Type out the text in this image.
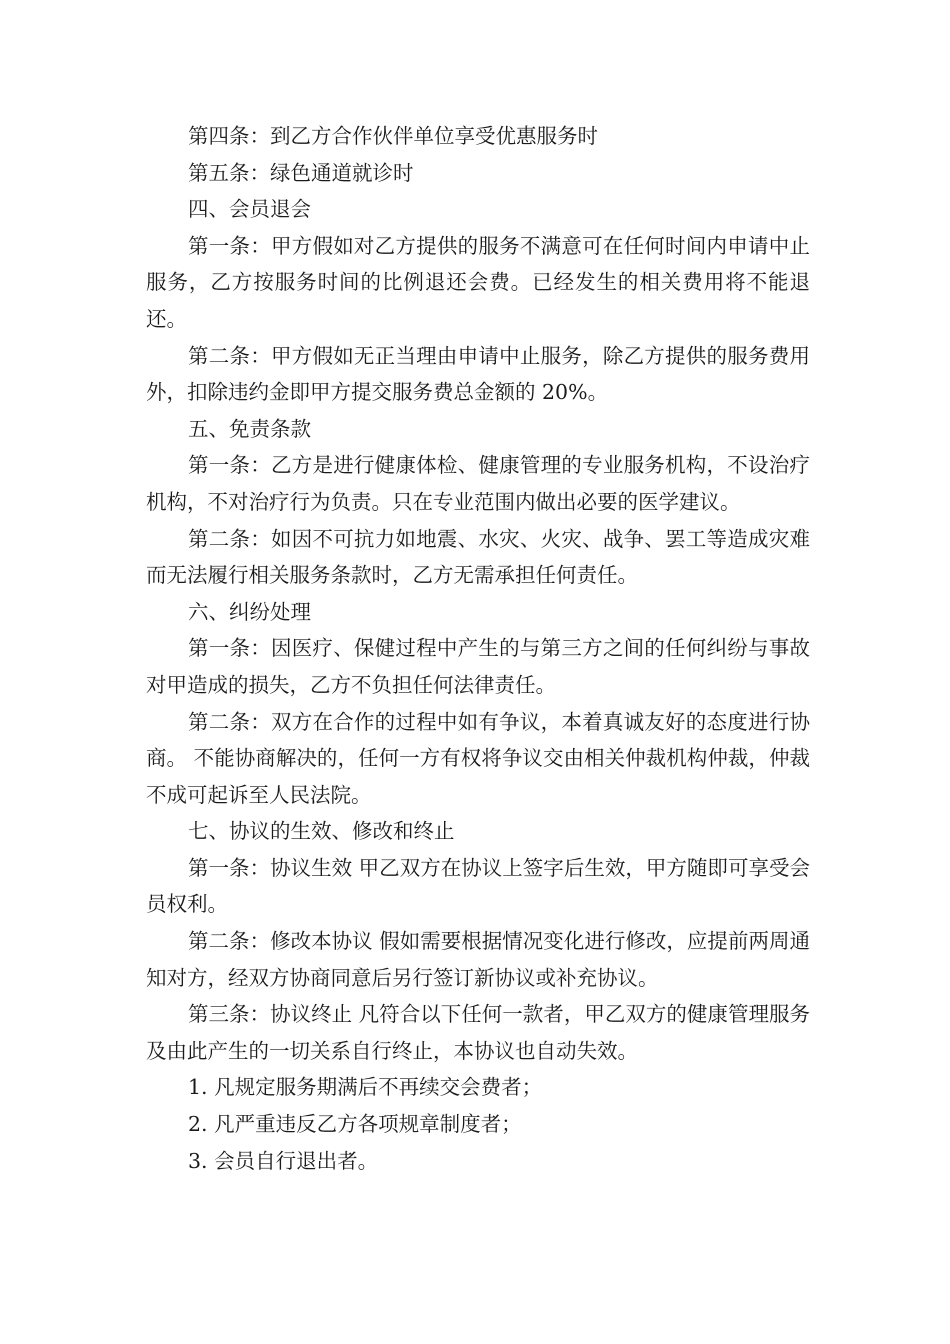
第四条：到乙方合作伙伴单位享受优惠服务时

第五条：绿色通道就诊时

四、会员退会

第一条：甲方假如对乙方提供的服务不满意可在任何时间内申请中止服务，乙方按服务时间的比例退还会费。已经发生的相关费用将不能退还。

第二条：甲方假如无正当理由申请中止服务，除乙方提供的服务费用外，扣除违约金即甲方提交服务费总金额的 20%。

五、免责条款

第一条：乙方是进行健康体检、健康管理的专业服务机构，不设治疗机构，不对治疗行为负责。只在专业范围内做出必要的医学建议。

第二条：如因不可抗力如地震、水灾、火灾、战争、罢工等造成灾难而无法履行相关服务条款时，乙方无需承担任何责任。

六、纠纷处理

第一条：因医疗、保健过程中产生的与第三方之间的任何纠纷与事故对甲造成的损失，乙方不负担任何法律责任。

第二条：双方在合作的过程中如有争议，本着真诚友好的态度进行协商。 不能协商解决的，任何一方有权将争议交由相关仲裁机构仲裁，仲裁不成可起诉至人民法院。

七、协议的生效、修改和终止

第一条：协议生效 甲乙双方在协议上签字后生效，甲方随即可享受会员权利。

第二条：修改本协议 假如需要根据情况变化进行修改，应提前两周通知对方，经双方协商同意后另行签订新协议或补充协议。

第三条：协议终止 凡符合以下任何一款者，甲乙双方的健康管理服务及由此产生的一切关系自行终止，本协议也自动失效。

1. 凡规定服务期满后不再续交会费者；

2. 凡严重违反乙方各项规章制度者；

3. 会员自行退出者。
